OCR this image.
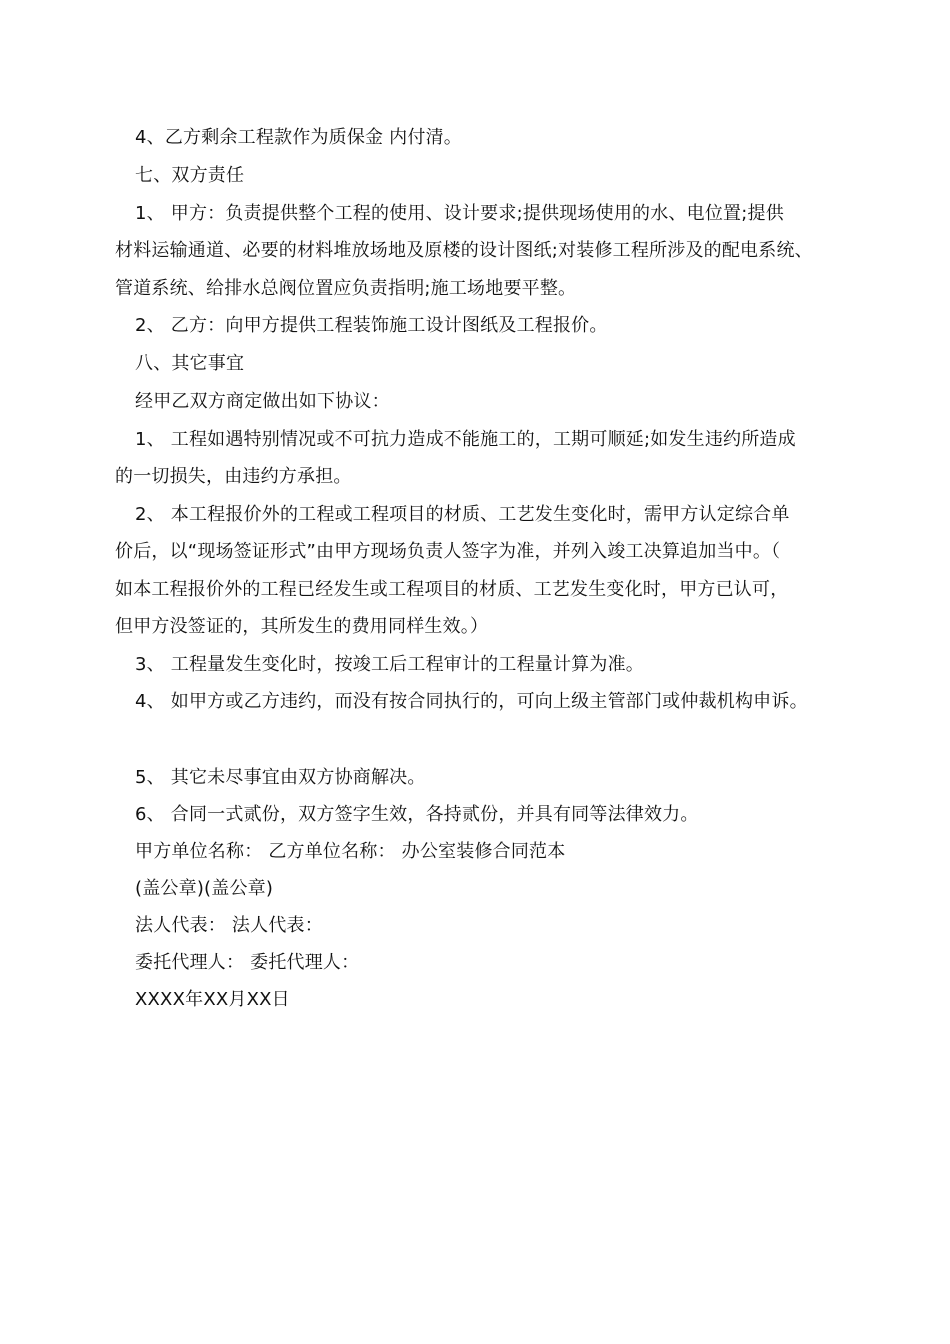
4、乙方剩余工程款作为质保金 内付清。
七、双方责任
1、 甲方：负责提供整个工程的使用、设计要求;提供现场使用的水、电位置;提供
材料运输通道、必要的材料堆放场地及原楼的设计图纸;对装修工程所涉及的配电系统、
管道系统、给排水总阀位置应负责指明;施工场地要平整。
2、 乙方：向甲方提供工程装饰施工设计图纸及工程报价。
八、其它事宜
经甲乙双方商定做出如下协议：
1、 工程如遇特别情况或不可抗力造成不能施工的，工期可顺延;如发生违约所造成
的一切损失，由违约方承担。
2、 本工程报价外的工程或工程项目的材质、工艺发生变化时，需甲方认定综合单
价后，以“现场签证形式”由甲方现场负责人签字为准，并列入竣工决算追加当中。（
如本工程报价外的工程已经发生或工程项目的材质、工艺发生变化时，甲方已认可，
但甲方没签证的，其所发生的费用同样生效。）
3、 工程量发生变化时，按竣工后工程审计的工程量计算为准。
4、 如甲方或乙方违约，而没有按合同执行的，可向上级主管部门或仲裁机构申诉。
5、 其它未尽事宜由双方协商解决。
6、 合同一式贰份，双方签字生效，各持贰份，并具有同等法律效力。
甲方单位名称： 乙方单位名称： 办公室装修合同范本
(盖公章)(盖公章)
法人代表： 法人代表：
委托代理人： 委托代理人：
XXXX年XX月XX日
